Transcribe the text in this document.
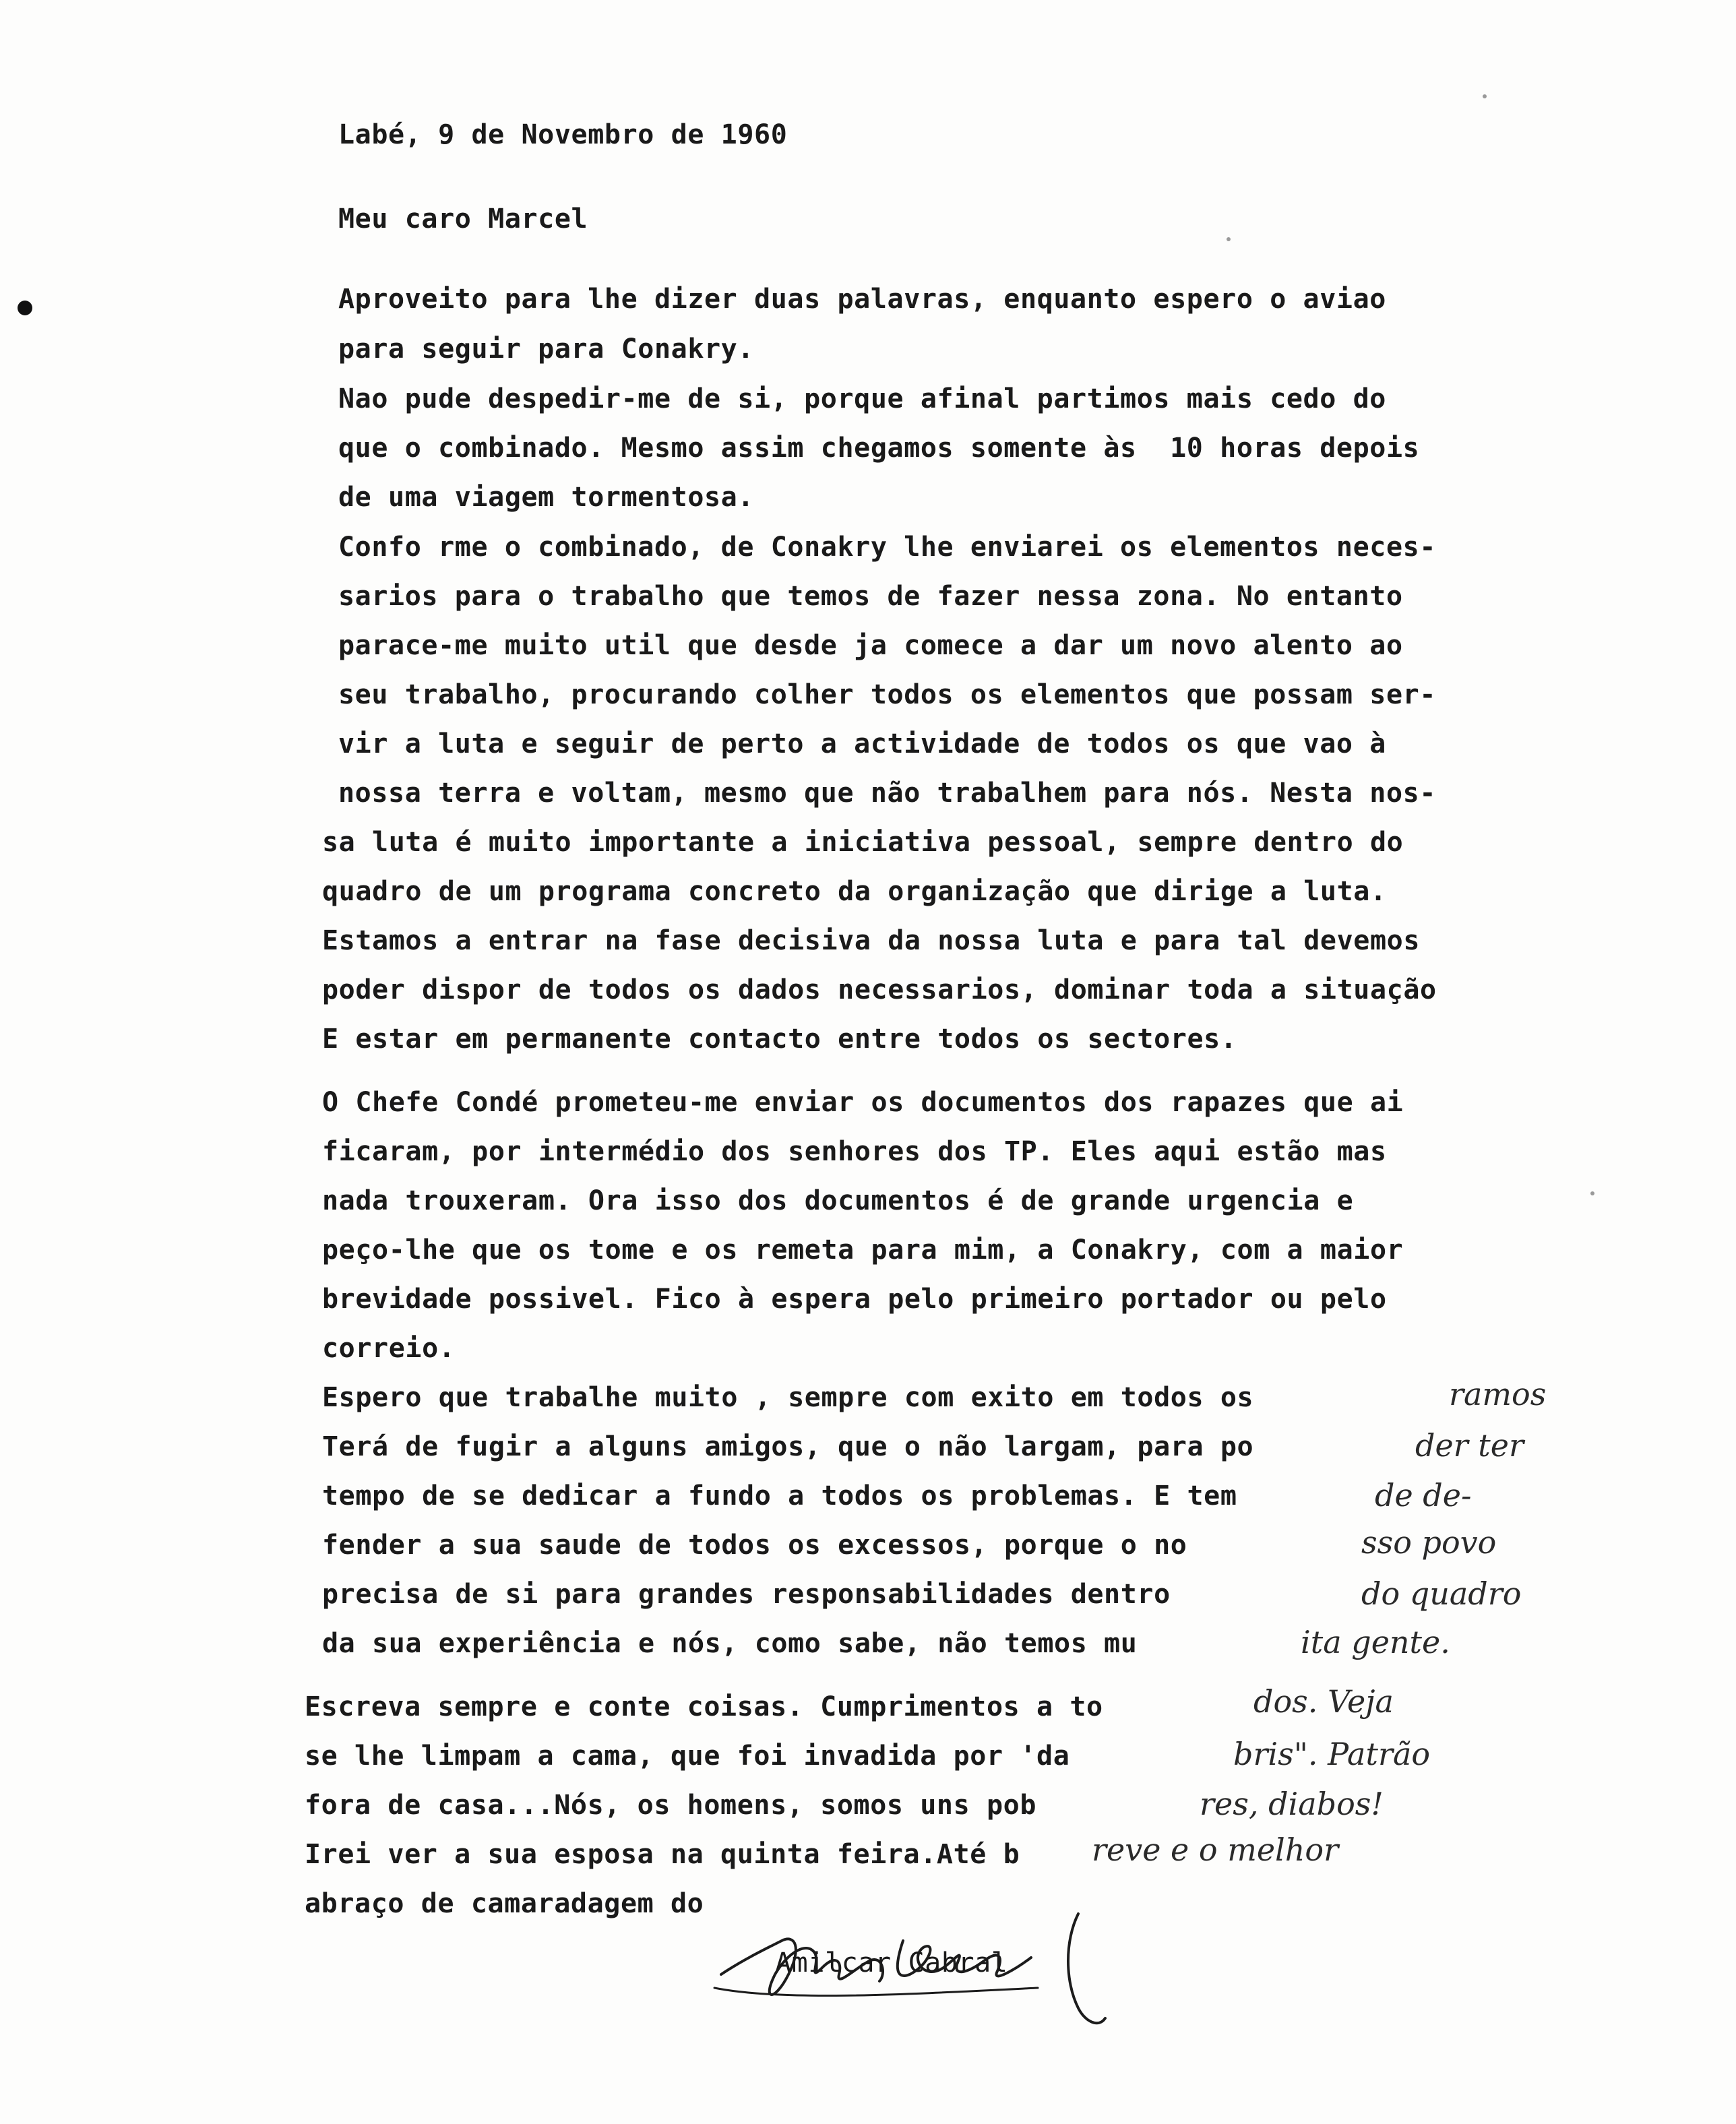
Labé, 9 de Novembro de 1960
Meu caro Marcel
Aproveito para lhe dizer duas palavras, enquanto espero o aviao
para seguir para Conakry.
Nao pude despedir-me de si, porque afinal partimos mais cedo do
que o combinado. Mesmo assim chegamos somente às  10 horas depois
de uma viagem tormentosa.
Confo rme o combinado, de Conakry lhe enviarei os elementos neces-
sarios para o trabalho que temos de fazer nessa zona. No entanto
parace-me muito util que desde ja comece a dar um novo alento ao
seu trabalho, procurando colher todos os elementos que possam ser-
vir a luta e seguir de perto a actividade de todos os que vao à
nossa terra e voltam, mesmo que não trabalhem para nós. Nesta nos-
sa luta é muito importante a iniciativa pessoal, sempre dentro do
quadro de um programa concreto da organização que dirige a luta.
Estamos a entrar na fase decisiva da nossa luta e para tal devemos
poder dispor de todos os dados necessarios, dominar toda a situação
E estar em permanente contacto entre todos os sectores.
O Chefe Condé prometeu-me enviar os documentos dos rapazes que ai
ficaram, por intermédio dos senhores dos TP. Eles aqui estão mas
nada trouxeram. Ora isso dos documentos é de grande urgencia e
peço-lhe que os tome e os remeta para mim, a Conakry, com a maior
brevidade possivel. Fico à espera pelo primeiro portador ou pelo
correio.
Espero que trabalhe muito , sempre com exito em todos os
Terá de fugir a alguns amigos, que o não largam, para po
tempo de se dedicar a fundo a todos os problemas. E tem
fender a sua saude de todos os excessos, porque o no
precisa de si para grandes responsabilidades dentro
da sua experiência e nós, como sabe, não temos mu
Escreva sempre e conte coisas. Cumprimentos a to
se lhe limpam a cama, que foi invadida por 'da
fora de casa...Nós, os homens, somos uns pob
Irei ver a sua esposa na quinta feira.Até b
abraço de camaradagem do
ramos
der ter
de de-
sso povo
do quadro
ita gente.
dos. Veja
bris". Patrão
res, diabos!
reve e o melhor
Amilcar Cabral
